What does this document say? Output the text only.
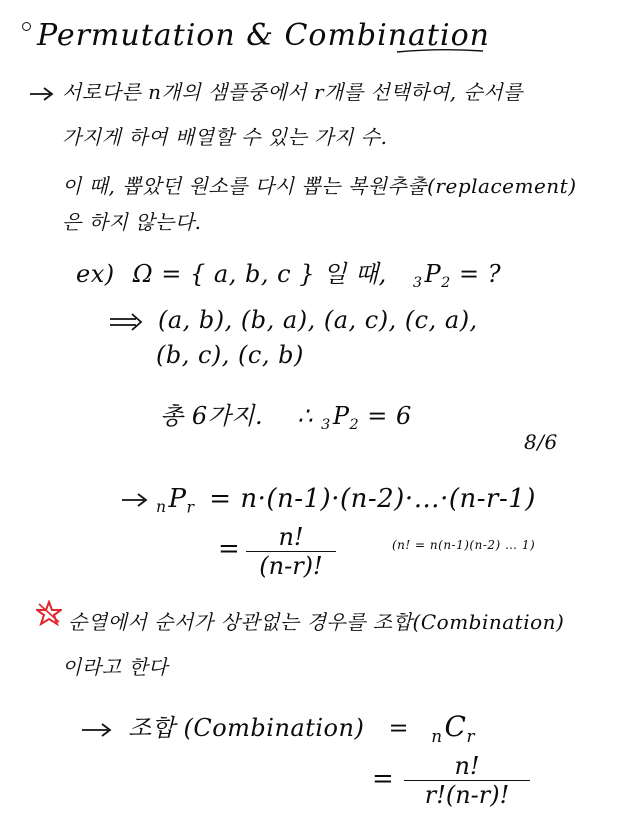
Permutation & Combination
서로다른 n개의 샘플중에서 r개를 선택하여, 순서를
가지게 하여 배열할 수 있는 가지 수.
이 때, 뽑았던 원소를 다시 뽑는 복원추출(replacement)
은 하지 않는다.
ex) Ω = { a, b, c } 일 때, $_3P_2$ = ?
(a, b), (b, a), (a, c), (c, a),
(b, c), (c, b)
총 6가지. ∴ $_3P_2 = 6$
8/6
$_nP_r$ = n·(n-1)·(n-2)·…·(n-r-1)
=	n!
(n-r)!
(n! = n(n-1)(n-2) … 1)
순열에서 순서가 상관없는 경우를 조합(Combination)
이라고 한다
조합 (Combination) = $_nC_r$
=	n!
r!(n-r)!
